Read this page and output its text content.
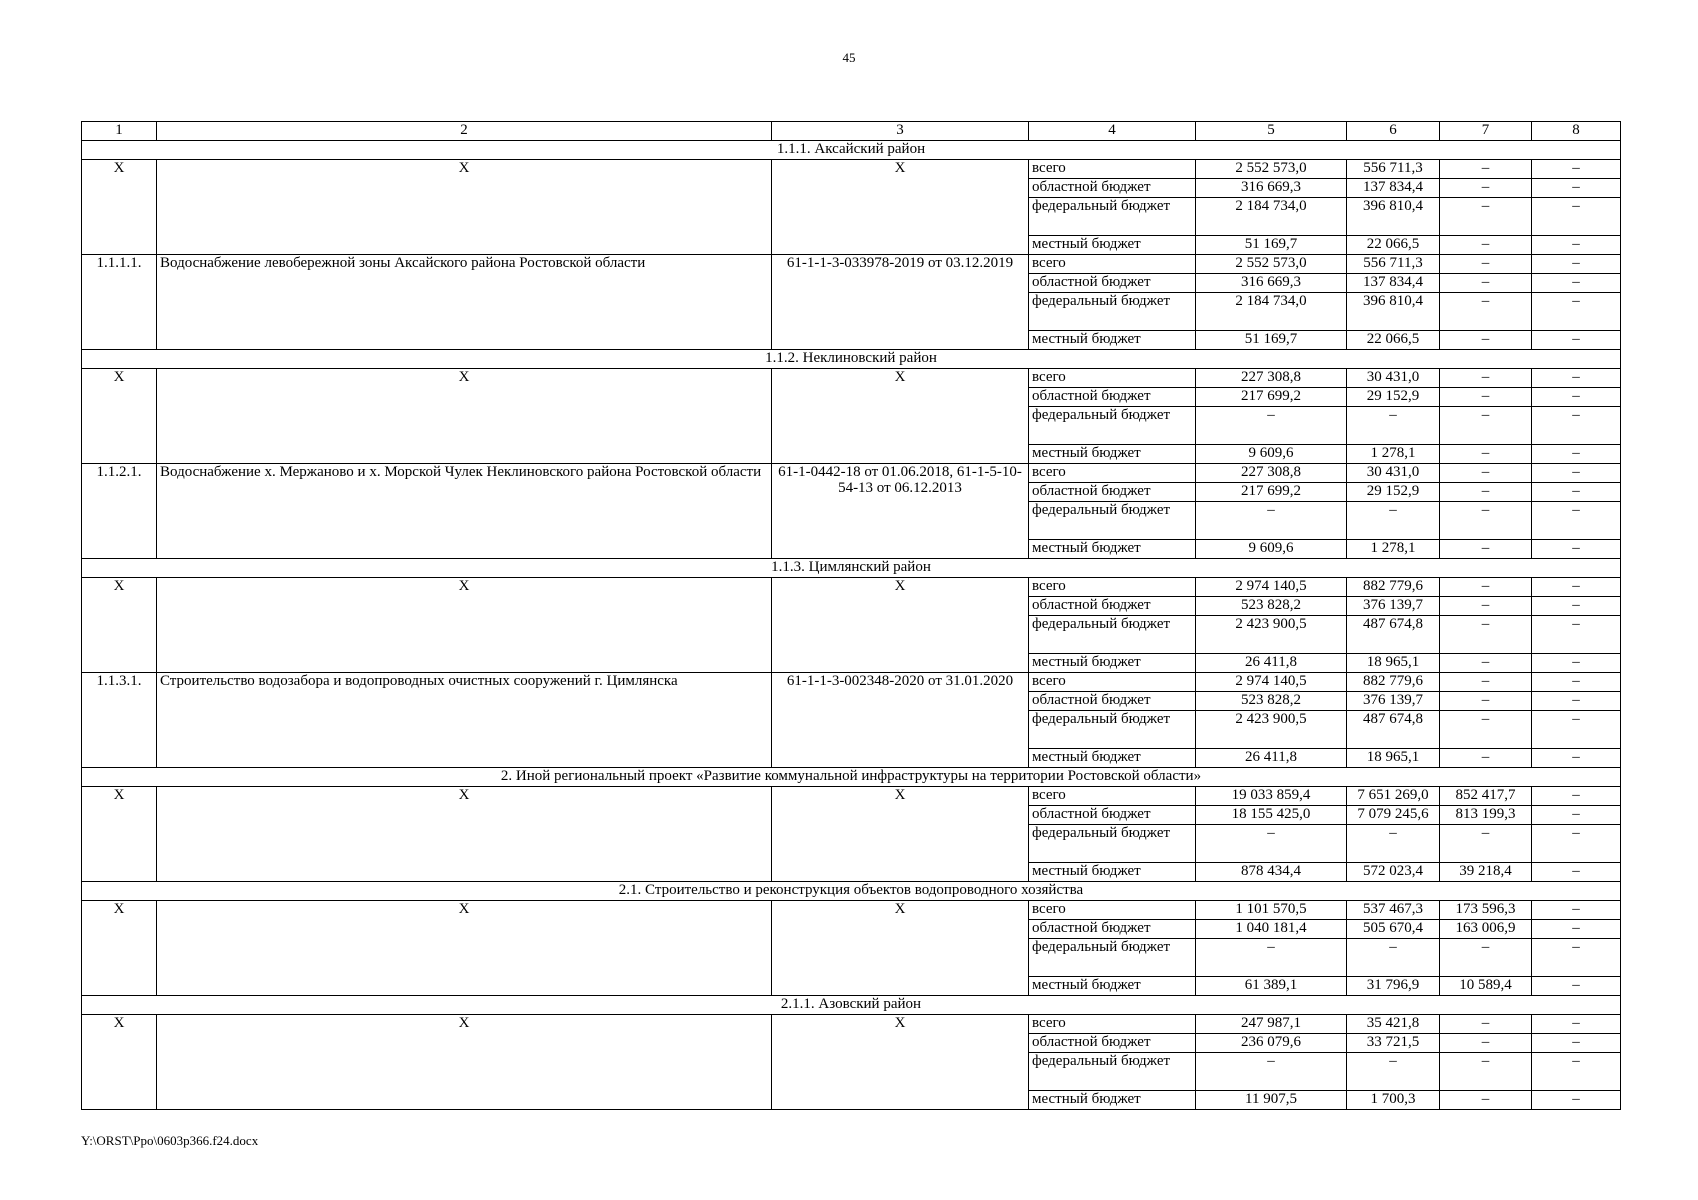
45
1	2	3	4	5	6	7	8
1.1.1. Аксайский район							
Х	Х	Х	всего	2 552 573,0	556 711,3	–	–
			областной бюджет	316 669,3	137 834,4	–	–
			федеральный бюджет	2 184 734,0	396 810,4	–	–
			местный бюджет	51 169,7	22 066,5	–	–
1.1.1.1.	Водоснабжение левобережной зоны Аксайского района Ростовской области	61-1-1-3-033978-2019 от 03.12.2019	всего	2 552 573,0	556 711,3	–	–
			областной бюджет	316 669,3	137 834,4	–	–
			федеральный бюджет	2 184 734,0	396 810,4	–	–
			местный бюджет	51 169,7	22 066,5	–	–
1.1.2. Неклиновский район							
Х	Х	Х	всего	227 308,8	30 431,0	–	–
			областной бюджет	217 699,2	29 152,9	–	–
			федеральный бюджет	–	–	–	–
			местный бюджет	9 609,6	1 278,1	–	–
1.1.2.1.	Водоснабжение х. Мержаново и х. Морской Чулек Неклиновского района Ростовской области	61-1-0442-18 от 01.06.2018, 61-1-5-10-54-13 от 06.12.2013	всего	227 308,8	30 431,0	–	–
			областной бюджет	217 699,2	29 152,9	–	–
			федеральный бюджет	–	–	–	–
			местный бюджет	9 609,6	1 278,1	–	–
1.1.3. Цимлянский район							
Х	Х	Х	всего	2 974 140,5	882 779,6	–	–
			областной бюджет	523 828,2	376 139,7	–	–
			федеральный бюджет	2 423 900,5	487 674,8	–	–
			местный бюджет	26 411,8	18 965,1	–	–
1.1.3.1.	Строительство водозабора и водопроводных очистных сооружений г. Цимлянска	61-1-1-3-002348-2020 от 31.01.2020	всего	2 974 140,5	882 779,6	–	–
			областной бюджет	523 828,2	376 139,7	–	–
			федеральный бюджет	2 423 900,5	487 674,8	–	–
			местный бюджет	26 411,8	18 965,1	–	–
2. Иной региональный проект «Развитие коммунальной инфраструктуры на территории Ростовской области»							
Х	Х	Х	всего	19 033 859,4	7 651 269,0	852 417,7	–
			областной бюджет	18 155 425,0	7 079 245,6	813 199,3	–
			федеральный бюджет	–	–	–	–
			местный бюджет	878 434,4	572 023,4	39 218,4	–
2.1. Строительство и реконструкция объектов водопроводного хозяйства							
Х	Х	Х	всего	1 101 570,5	537 467,3	173 596,3	–
			областной бюджет	1 040 181,4	505 670,4	163 006,9	–
			федеральный бюджет	–	–	–	–
			местный бюджет	61 389,1	31 796,9	10 589,4	–
2.1.1. Азовский район							
Х	Х	Х	всего	247 987,1	35 421,8	–	–
			областной бюджет	236 079,6	33 721,5	–	–
			федеральный бюджет	–	–	–	–
			местный бюджет	11 907,5	1 700,3	–	–
Y:\ORST\Ppo\0603p366.f24.docx
